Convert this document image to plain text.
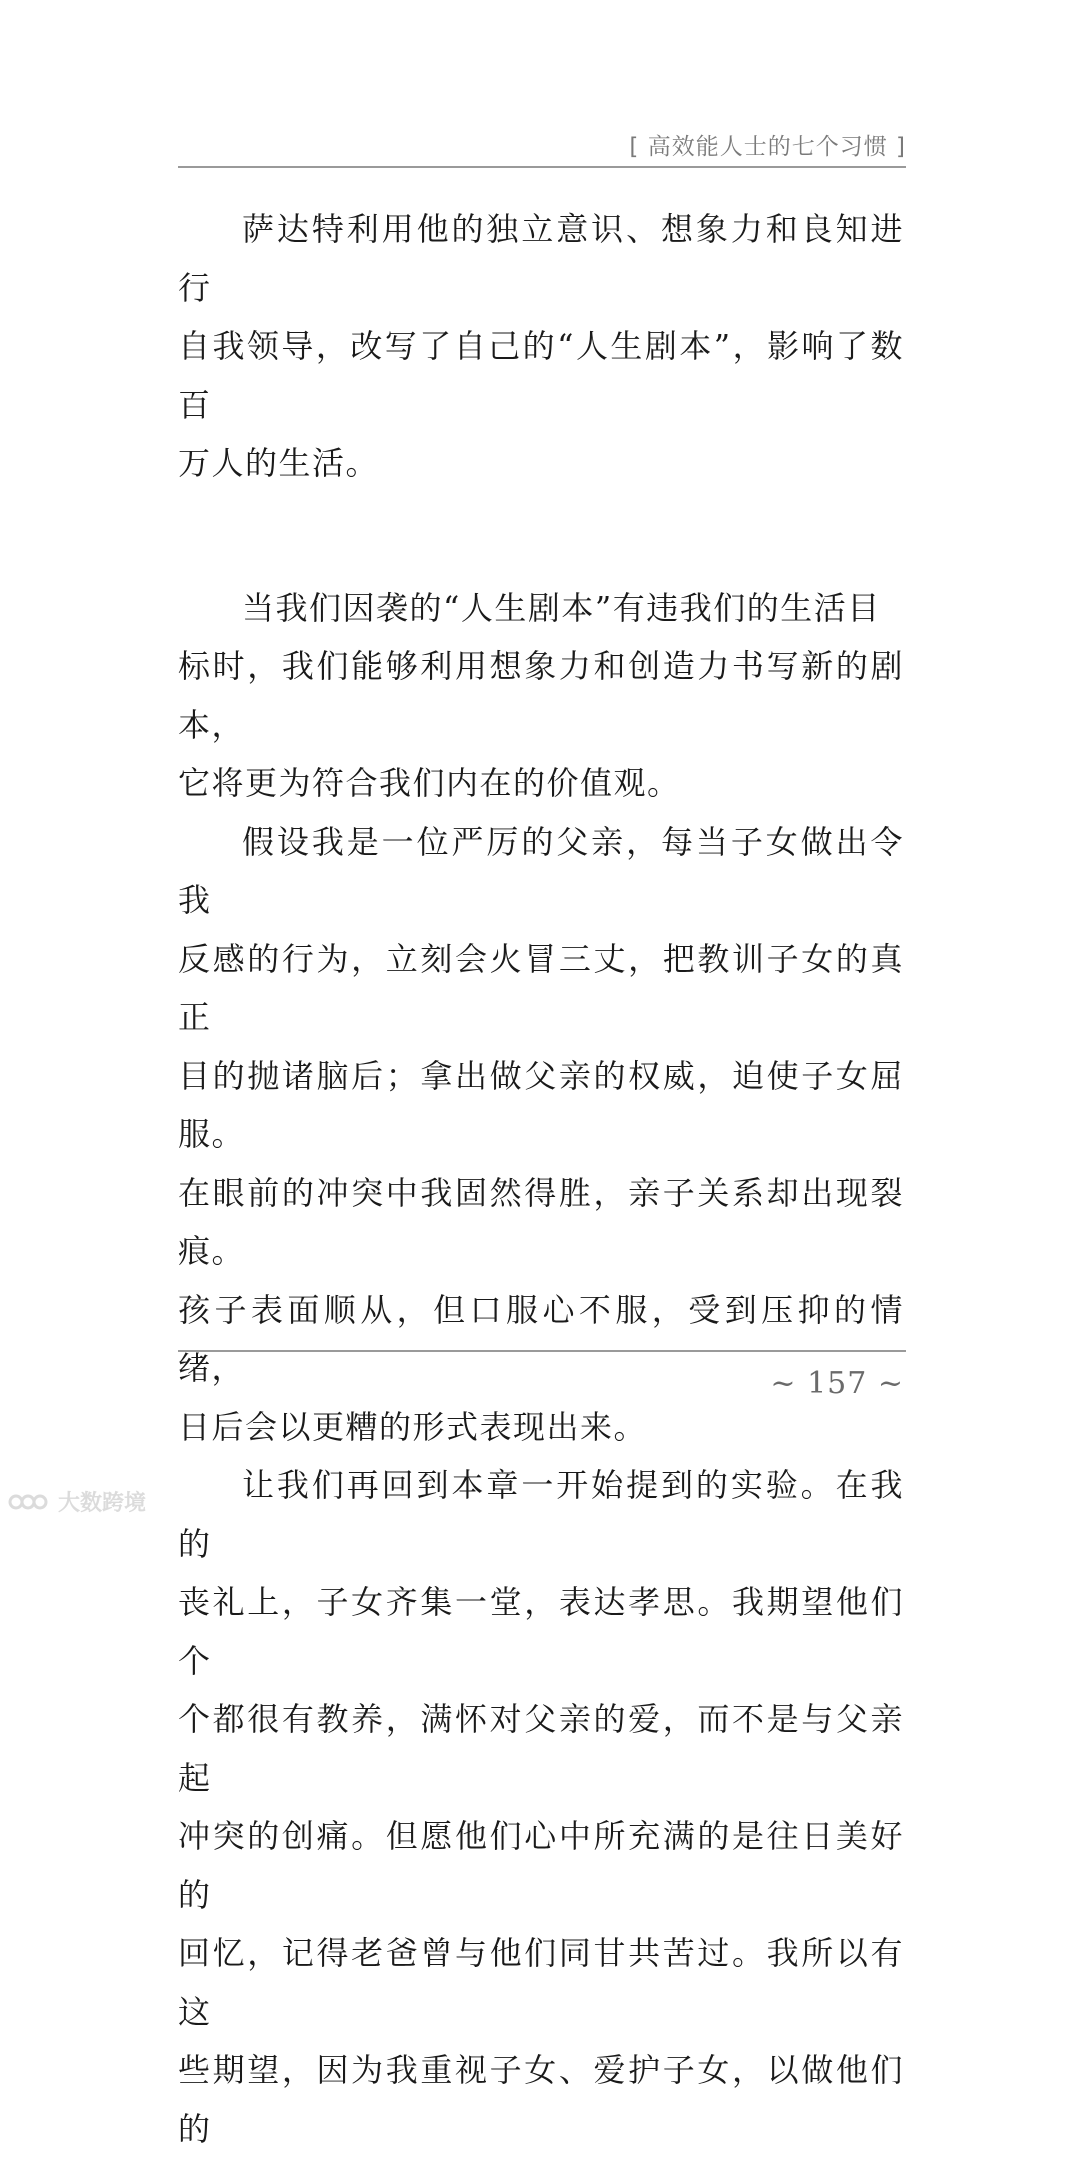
[ 高效能人士的七个习惯 ]

萨达特利用他的独立意识、想象力和良知进行
自我领导，改写了自己的“人生剧本”，影响了数百
万人的生活。

当我们因袭的“人生剧本”有违我们的生活目
标时，我们能够利用想象力和创造力书写新的剧本，
它将更为符合我们内在的价值观。

假设我是一位严厉的父亲，每当子女做出令我
反感的行为，立刻会火冒三丈，把教训子女的真正
目的抛诸脑后；拿出做父亲的权威，迫使子女屈服。
在眼前的冲突中我固然得胜，亲子关系却出现裂痕。
孩子表面顺从，但口服心不服，受到压抑的情绪，
日后会以更糟的形式表现出来。

让我们再回到本章一开始提到的实验。在我的
丧礼上，子女齐集一堂，表达孝思。我期望他们个
个都很有教养，满怀对父亲的爱，而不是与父亲起
冲突的创痛。但愿他们心中所充满的是往日美好的
回忆，记得老爸曾与他们同甘共苦过。我所以有这
些期望，因为我重视子女、爱护子女，以做他们的

~ 157 ~
大数跨境
